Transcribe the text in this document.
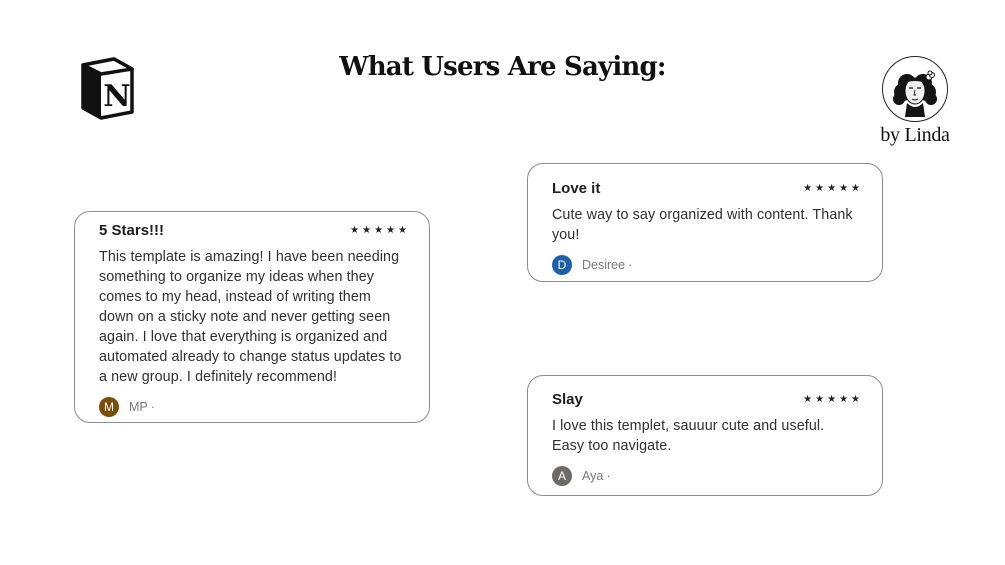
What Users Are Saying:
N
by Linda
5 Stars!!!	★ ★ ★ ★ ★
This template is amazing! I have been needing something to organize my ideas when they comes to my head, instead of writing them down on a sticky note and never getting seen again. I love that everything is organized and automated already to change status updates to a new group. I definitely recommend!
M	MP ·
Love it	★ ★ ★ ★ ★
Cute way to say organized with content. Thank you!
D	Desiree ·
Slay	★ ★ ★ ★ ★
I love this templet, sauuur cute and useful. Easy too navigate.
A	Aya ·
